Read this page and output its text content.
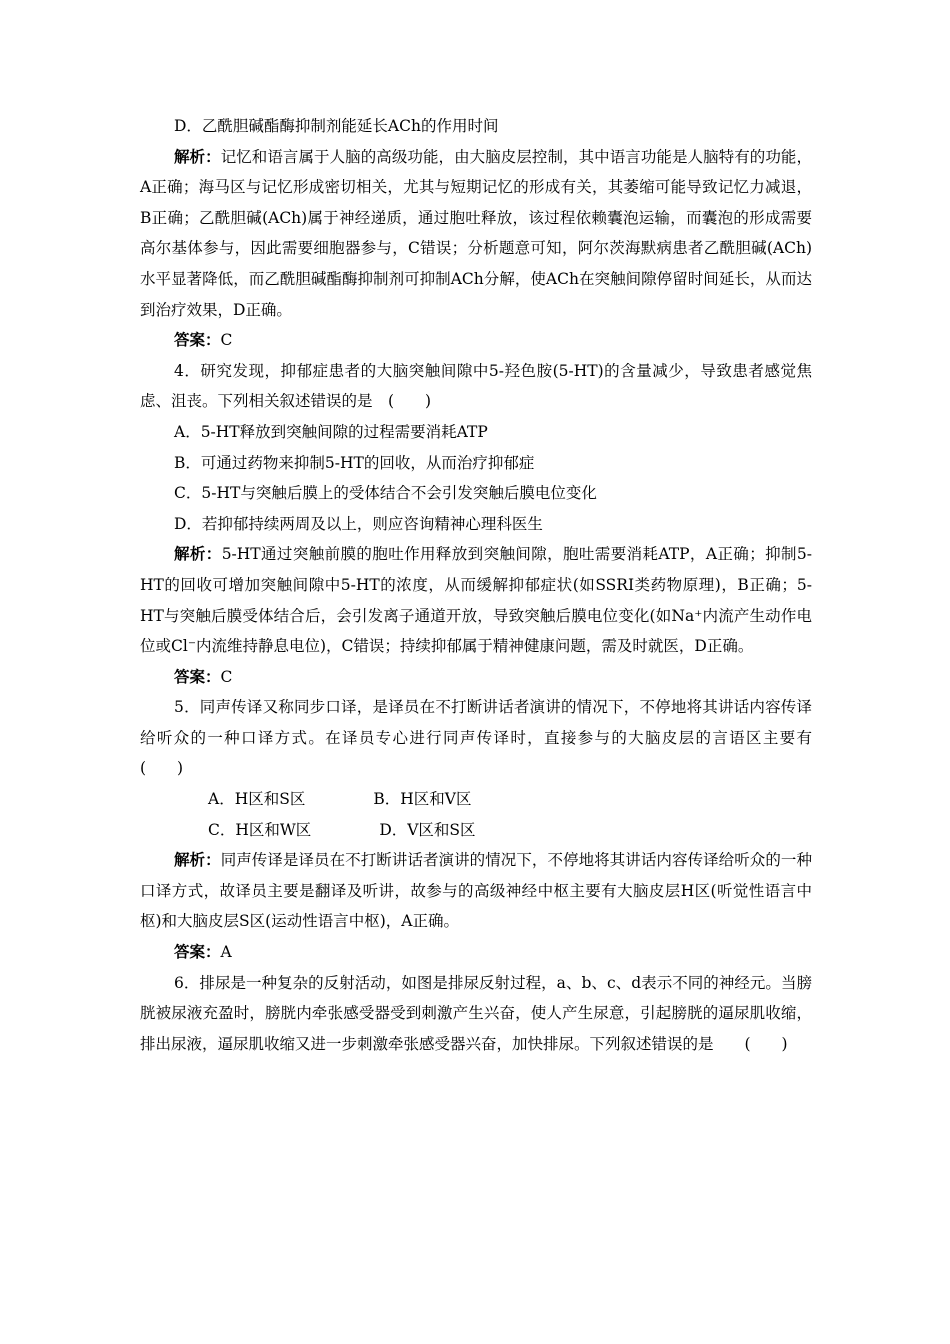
D．乙酰胆碱酯酶抑制剂能延长ACh的作用时间

解析：记忆和语言属于人脑的高级功能，由大脑皮层控制，其中语言功能是人脑特有的功能，A正确；海马区与记忆形成密切相关，尤其与短期记忆的形成有关，其萎缩可能导致记忆力减退，B正确；乙酰胆碱(ACh)属于神经递质，通过胞吐释放，该过程依赖囊泡运输，而囊泡的形成需要高尔基体参与，因此需要细胞器参与，C错误；分析题意可知，阿尔茨海默病患者乙酰胆碱(ACh)水平显著降低，而乙酰胆碱酯酶抑制剂可抑制ACh分解，使ACh在突触间隙停留时间延长，从而达到治疗效果，D正确。

答案：C

4．研究发现，抑郁症患者的大脑突触间隙中5-羟色胺(5-HT)的含量减少，导致患者感觉焦虑、沮丧。下列相关叙述错误的是　(　　)

A．5-HT释放到突触间隙的过程需要消耗ATP

B．可通过药物来抑制5-HT的回收，从而治疗抑郁症

C．5-HT与突触后膜上的受体结合不会引发突触后膜电位变化

D．若抑郁持续两周及以上，则应咨询精神心理科医生

解析：5-HT通过突触前膜的胞吐作用释放到突触间隙，胞吐需要消耗ATP，A正确；抑制5-HT的回收可增加突触间隙中5-HT的浓度，从而缓解抑郁症状(如SSRI类药物原理)，B正确；5-HT与突触后膜受体结合后，会引发离子通道开放，导致突触后膜电位变化(如Na⁺内流产生动作电位或Cl⁻内流维持静息电位)，C错误；持续抑郁属于精神健康问题，需及时就医，D正确。

答案：C

5．同声传译又称同步口译，是译员在不打断讲话者演讲的情况下，不停地将其讲话内容传译给听众的一种口译方式。在译员专心进行同声传译时，直接参与的大脑皮层的言语区主要有　(　　)

A．H区和S区	B．H区和V区

C．H区和W区	D．V区和S区

解析：同声传译是译员在不打断讲话者演讲的情况下，不停地将其讲话内容传译给听众的一种口译方式，故译员主要是翻译及听讲，故参与的高级神经中枢主要有大脑皮层H区(听觉性语言中枢)和大脑皮层S区(运动性语言中枢)，A正确。

答案：A

6．排尿是一种复杂的反射活动，如图是排尿反射过程，a、b、c、d表示不同的神经元。当膀胱被尿液充盈时，膀胱内牵张感受器受到刺激产生兴奋，使人产生尿意，引起膀胱的逼尿肌收缩，排出尿液，逼尿肌收缩又进一步刺激牵张感受器兴奋，加快排尿。下列叙述错误的是　　(　　)
